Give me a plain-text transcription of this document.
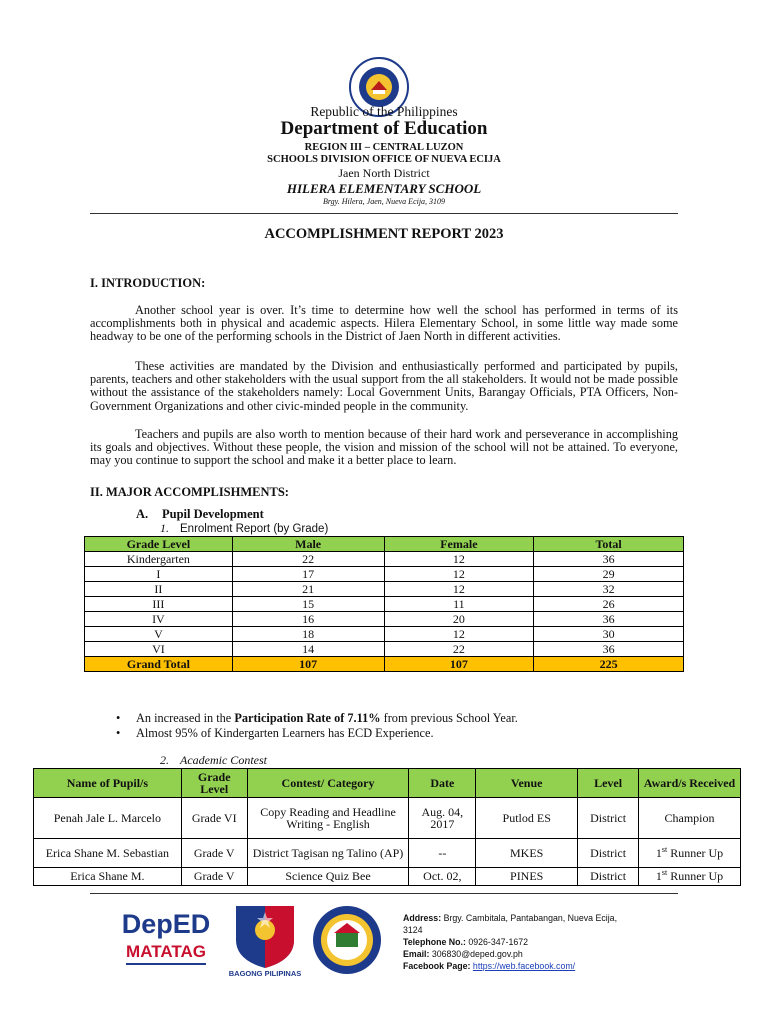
Republic of the Philippines
Department of Education
REGION III – CENTRAL LUZON
SCHOOLS DIVISION OFFICE OF NUEVA ECIJA
Jaen North District
HILERA ELEMENTARY SCHOOL
Brgy. Hilera, Jaen, Nueva Ecija, 3109
ACCOMPLISHMENT REPORT 2023
I. INTRODUCTION:
Another school year is over. It’s time to determine how well the school has performed in terms of its accomplishments both in physical and academic aspects. Hilera Elementary School, in some little way made some headway to be one of the performing schools in the District of Jaen North in different activities.
These activities are mandated by the Division and enthusiastically performed and participated by pupils, parents, teachers and other stakeholders with the usual support from the all stakeholders. It would not be made possible without the assistance of the stakeholders namely: Local Government Units, Barangay Officials, PTA Officers, Non-Government Organizations and other civic-minded people in the community.
Teachers and pupils are also worth to mention because of their hard work and perseverance in accomplishing its goals and objectives. Without these people, the vision and mission of the school will not be attained. To everyone, may you continue to support the school and make it a better place to learn.
II. MAJOR ACCOMPLISHMENTS:
A. Pupil Development
1. Enrolment Report (by Grade)
Grade Level	Male	Female	Total
Kindergarten	22	12	36
I	17	12	29
II	21	12	32
III	15	11	26
IV	16	20	36
V	18	12	30
VI	14	22	36
Grand Total	107	107	225
• An increased in the Participation Rate of 7.11% from previous School Year.
• Almost 95% of Kindergarten Learners has ECD Experience.
2. Academic Contest
Name of Pupil/s	Grade Level	Contest/ Category	Date	Venue	Level	Award/s Received
Penah Jale L. Marcelo	Grade VI	Copy Reading and Headline Writing - English	Aug. 04, 2017	Putlod ES	District	Champion
Erica Shane M. Sebastian	Grade V	District Tagisan ng Talino (AP)	--	MKES	District	1st Runner Up
Erica Shane M.	Grade V	Science Quiz Bee	Oct. 02,	PINES	District	1st Runner Up
DepED
MATATAG
BAGONG PILIPINAS
Address: Brgy. Cambitala, Pantabangan, Nueva Ecija, 3124
Telephone No.: 0926-347-1672
Email: 306830@deped.gov.ph
Facebook Page: https://web.facebook.com/
